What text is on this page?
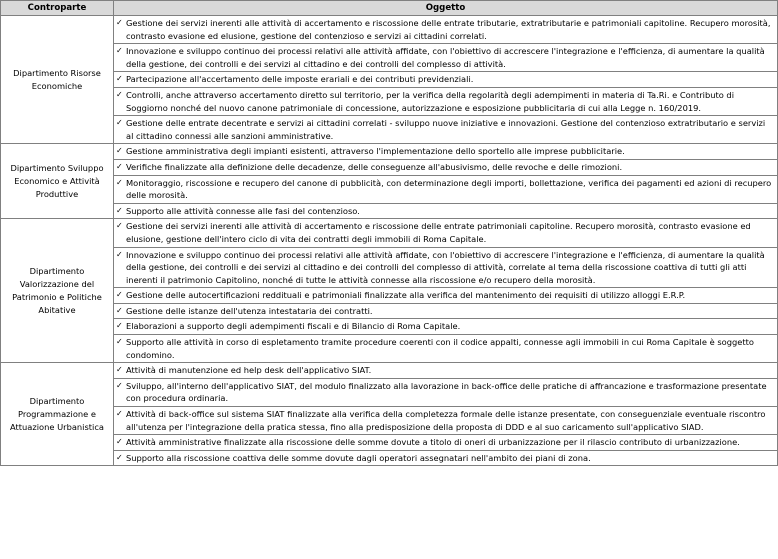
Controparte	Oggetto
Dipartimento Risorse Economiche	✓ Gestione dei servizi inerenti alle attività di accertamento e riscossione delle entrate tributarie, extratributarie e patrimoniali capitoline. Recupero morosità, contrasto evasione ed elusione, gestione del contenzioso e servizi ai cittadini correlati.

	✓ Innovazione e sviluppo continuo dei processi relativi alle attività affidate, con l'obiettivo di accrescere l'integrazione e l'efficienza, di aumentare la qualità della gestione, dei controlli e dei servizi al cittadino e dei controlli del complesso di attività.

	✓ Partecipazione all'accertamento delle imposte erariali e dei contributi previdenziali.

	✓ Controlli, anche attraverso accertamento diretto sul territorio, per la verifica della regolarità degli adempimenti in materia di Ta.Ri. e Contributo di Soggiorno nonché del nuovo canone patrimoniale di concessione, autorizzazione e esposizione pubblicitaria di cui alla Legge n. 160/2019.

	✓ Gestione delle entrate decentrate e servizi ai cittadini correlati - sviluppo nuove iniziative e innovazioni. Gestione del contenzioso extratributario e servizi al cittadino connessi alle sanzioni amministrative.
Dipartimento Sviluppo Economico e Attività Produttive	✓ Gestione amministrativa degli impianti esistenti, attraverso l'implementazione dello sportello alle imprese pubblicitarie.

	✓ Verifiche finalizzate alla definizione delle decadenze, delle conseguenze all'abusivismo, delle revoche e delle rimozioni.

	✓ Monitoraggio, riscossione e recupero del canone di pubblicità, con determinazione degli importi, bollettazione, verifica dei pagamenti ed azioni di recupero delle morosità.

	✓ Supporto alle attività connesse alle fasi del contenzioso.
Dipartimento Valorizzazione del Patrimonio e Politiche Abitative	✓ Gestione dei servizi inerenti alle attività di accertamento e riscossione delle entrate patrimoniali capitoline. Recupero morosità, contrasto evasione ed elusione, gestione dell'intero ciclo di vita dei contratti degli immobili di Roma Capitale.

	✓ Innovazione e sviluppo continuo dei processi relativi alle attività affidate, con l'obiettivo di accrescere l'integrazione e l'efficienza, di aumentare la qualità della gestione, dei controlli e dei servizi al cittadino e dei controlli del complesso di attività, correlate al tema della riscossione coattiva di tutti gli atti inerenti il patrimonio Capitolino, nonché di tutte le attività connesse alla riscossione e/o recupero della morosità.

	✓ Gestione delle autocertificazioni reddituali e patrimoniali finalizzate alla verifica del mantenimento dei requisiti di utilizzo alloggi E.R.P.

	✓ Gestione delle istanze dell'utenza intestataria dei contratti.

	✓ Elaborazioni a supporto degli adempimenti fiscali e di Bilancio di Roma Capitale.

	✓ Supporto alle attività in corso di espletamento tramite procedure coerenti con il codice appalti, connesse agli immobili in cui Roma Capitale è soggetto condomino.
Dipartimento Programmazione e Attuazione Urbanistica	✓ Attività di manutenzione ed help desk dell'applicativo SIAT.

	✓ Sviluppo, all'interno dell'applicativo SIAT, del modulo finalizzato alla lavorazione in back-office delle pratiche di affrancazione e trasformazione presentate con procedura ordinaria.

	✓ Attività di back-office sul sistema SIAT finalizzate alla verifica della completezza formale delle istanze presentate, con conseguenziale eventuale riscontro all'utenza per l'integrazione della pratica stessa, fino alla predisposizione della proposta di DDD e al suo caricamento sull'applicativo SIAD.

	✓ Attività amministrative finalizzate alla riscossione delle somme dovute a titolo di oneri di urbanizzazione per il rilascio contributo di urbanizzazione.

	✓ Supporto alla riscossione coattiva delle somme dovute dagli operatori assegnatari nell'ambito dei piani di zona.
